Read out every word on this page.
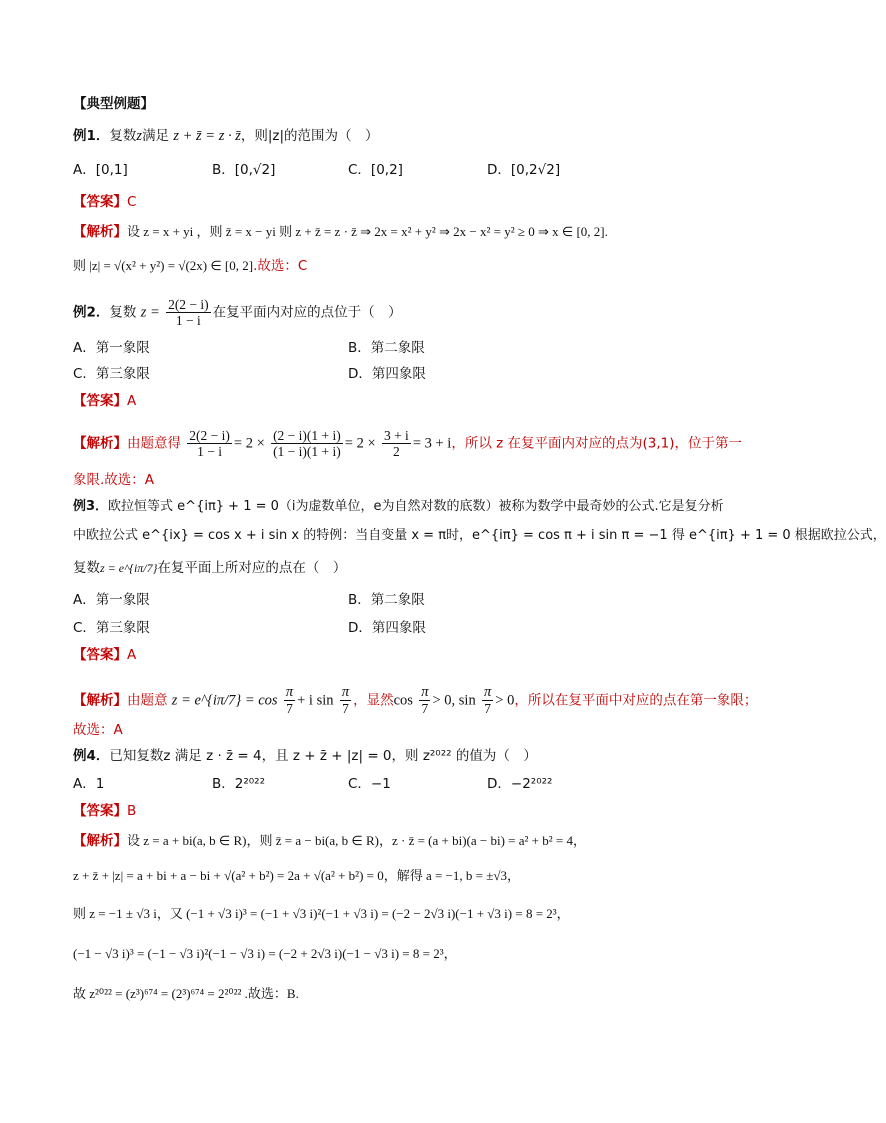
【典型例题】
例1．复数z满足 z + z̄ = z · z̄，则|z|的范围为（　）
A．[0,1]	B．[0,√2]	C．[0,2]	D．[0,2√2]
【答案】C
【解析】设 z = x + yi ，则 z̄ = x − yi 则 z + z̄ = z · z̄ ⇒ 2x = x² + y² ⇒ 2x − x² = y² ≥ 0 ⇒ x ∈ [0, 2].
则 |z| = √(x² + y²) = √(2x) ∈ [0, 2].故选：C
例2．复数 $z = \frac{2(2 - i)}{1 - i}$ 在复平面内对应的点位于（　）
A．第一象限	B．第二象限
C．第三象限	D．第四象限
【答案】A
【解析】由题意得 $\frac{2(2 - i)}{1 - i} = 2 \times \frac{(2 - i)(1 + i)}{(1 - i)(1 + i)} = 2 \times \frac{3 + i}{2} = 3 + i$，所以 z 在复平面内对应的点为(3,1)，位于第一
象限.故选：A
例3．欧拉恒等式 e^{iπ} + 1 = 0（i为虚数单位，e为自然对数的底数）被称为数学中最奇妙的公式.它是复分析
中欧拉公式 e^{ix} = cos x + i sin x 的特例：当自变量 x = π时，e^{iπ} = cos π + i sin π = −1 得 e^{iπ} + 1 = 0 根据欧拉公式，
复数z = e^{iπ/7}在复平面上所对应的点在（　）
A．第一象限	B．第二象限
C．第三象限	D．第四象限
【答案】A
【解析】由题意 z = e^{iπ/7} = $\cos \frac{\pi}{7} + i$ $\sin \frac{\pi}{7}$ ，显然$\cos \frac{\pi}{7} > 0$, $\sin \frac{\pi}{7} > 0$，所以在复平面中对应的点在第一象限；
故选：A
例4．已知复数z 满足 z · z̄ = 4，且 z + z̄ + |z| = 0，则 z²⁰²² 的值为（　）
A．1	B．2²⁰²²	C．−1	D．−2²⁰²²
【答案】B
【解析】设 z = a + bi(a, b ∈ R)，则 z̄ = a − bi(a, b ∈ R)，z · z̄ = (a + bi)(a − bi) = a² + b² = 4，
z + z̄ + |z| = a + bi + a − bi + √(a² + b²) = 2a + √(a² + b²) = 0，解得 a = −1, b = ±√3，
则 z = −1 ± √3 i，又 (−1 + √3 i)³ = (−1 + √3 i)²(−1 + √3 i) = (−2 − 2√3 i)(−1 + √3 i) = 8 = 2³，
(−1 − √3 i)³ = (−1 − √3 i)²(−1 − √3 i) = (−2 + 2√3 i)(−1 − √3 i) = 8 = 2³，
故 z²⁰²² = (z³)⁶⁷⁴ = (2³)⁶⁷⁴ = 2²⁰²² .故选：B.
